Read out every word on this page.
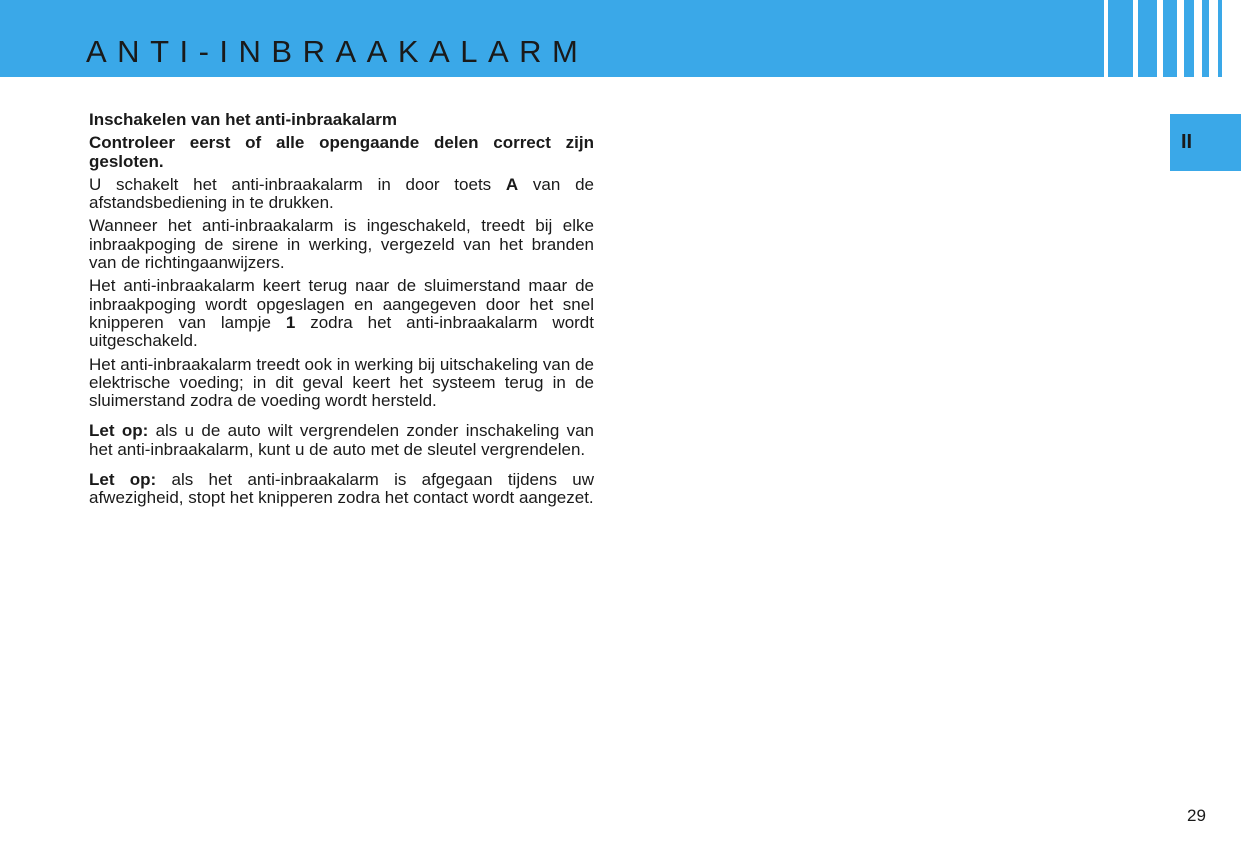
ANTI-INBRAAKALARM
II

Inschakelen van het anti-inbraakalarm

Controleer eerst of alle opengaande delen correct zijn gesloten.

U schakelt het anti-inbraakalarm in door toets A van de afstandsbediening in te drukken.

Wanneer het anti-inbraakalarm is ingeschakeld, treedt bij elke inbraakpoging de sirene in werking, vergezeld van het branden van de richtingaanwijzers.

Het anti-inbraakalarm keert terug naar de sluimerstand maar de inbraakpoging wordt opgeslagen en aangegeven door het snel knipperen van lampje 1 zodra het anti-inbraakalarm wordt uitgeschakeld.

Het anti-inbraakalarm treedt ook in werking bij uitschakeling van de elektrische voeding; in dit geval keert het systeem terug in de sluimerstand zodra de voeding wordt hersteld.

Let op: als u de auto wilt vergrendelen zonder inschakeling van het anti-inbraakalarm, kunt u de auto met de sleutel vergrendelen.

Let op: als het anti-inbraakalarm is afgegaan tijdens uw afwezigheid, stopt het knipperen zodra het contact wordt aangezet.

29
